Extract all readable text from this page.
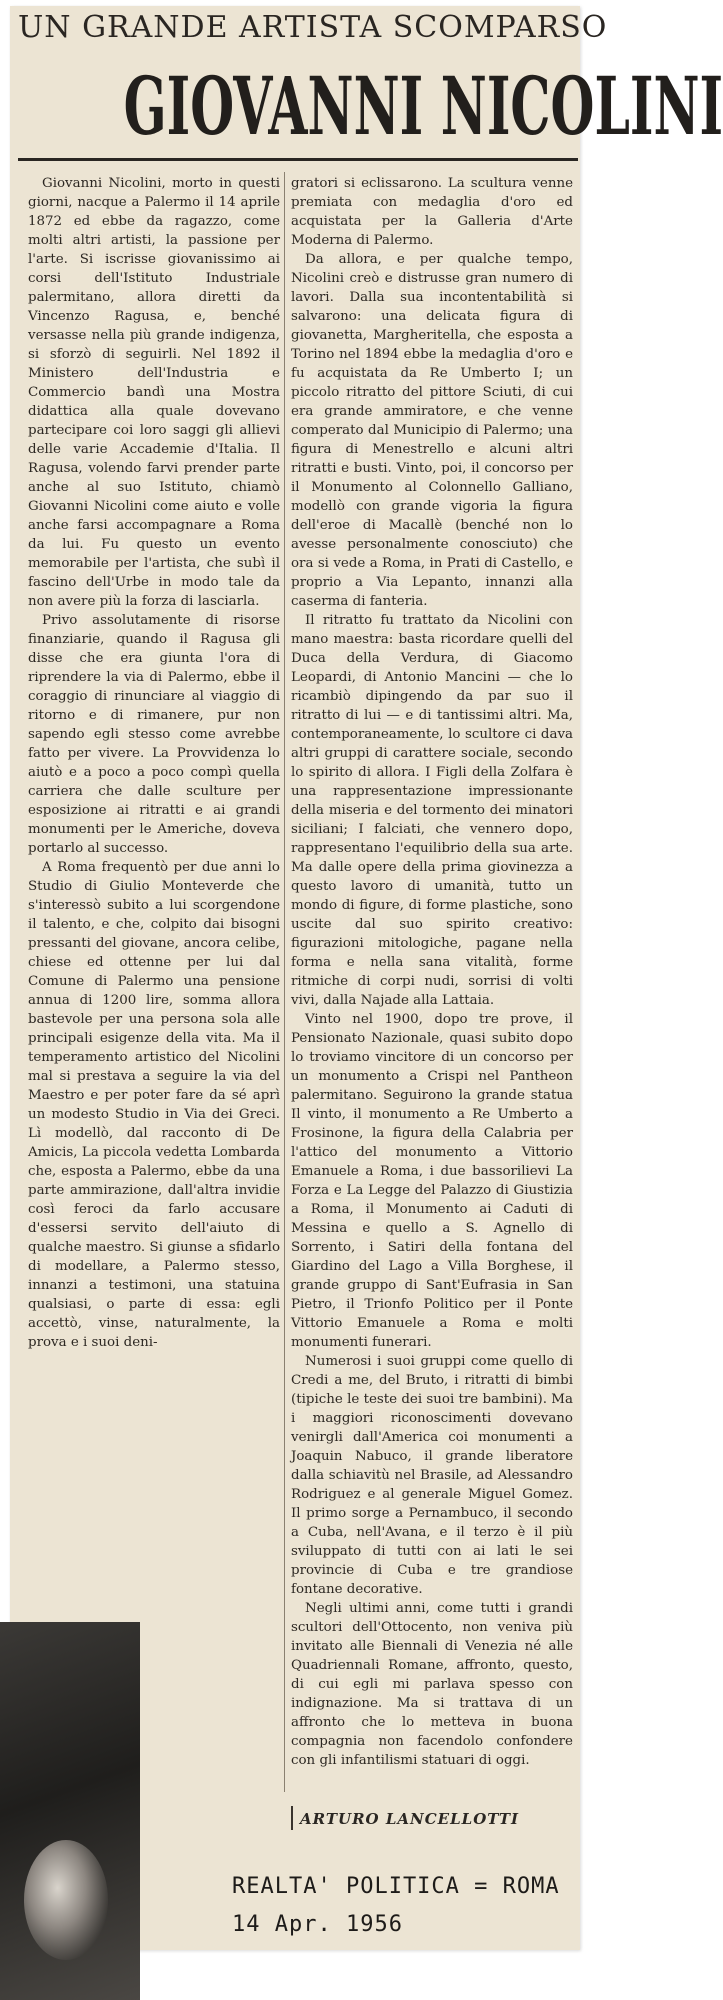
UN GRANDE ARTISTA SCOMPARSO
GIOVANNI NICOLINI

Giovanni Nicolini, morto in questi giorni, nacque a Palermo il 14 aprile 1872 ed ebbe da ragazzo, come molti altri artisti, la passione per l'arte. Si iscrisse giovanissimo ai corsi dell'Istituto Industriale palermitano, allora diretti da Vincenzo Ragusa, e, benché versasse nella più grande indigenza, si sforzò di seguirli. Nel 1892 il Ministero dell'Industria e Commercio bandì una Mostra didattica alla quale dovevano partecipare coi loro saggi gli allievi delle varie Accademie d'Italia. Il Ragusa, volendo farvi prender parte anche al suo Istituto, chiamò Giovanni Nicolini come aiuto e volle anche farsi accompagnare a Roma da lui. Fu questo un evento memorabile per l'artista, che subì il fascino dell'Urbe in modo tale da non avere più la forza di lasciarla.

Privo assolutamente di risorse finanziarie, quando il Ragusa gli disse che era giunta l'ora di riprendere la via di Palermo, ebbe il coraggio di rinunciare al viaggio di ritorno e di rimanere, pur non sapendo egli stesso come avrebbe fatto per vivere. La Provvidenza lo aiutò e a poco a poco compì quella carriera che dalle sculture per esposizione ai ritratti e ai grandi monumenti per le Americhe, doveva portarlo al successo.

A Roma frequentò per due anni lo Studio di Giulio Monteverde che s'interessò subito a lui scorgendone il talento, e che, colpito dai bisogni pressanti del giovane, ancora celibe, chiese ed ottenne per lui dal Comune di Palermo una pensione annua di 1200 lire, somma allora bastevole per una persona sola alle principali esigenze della vita. Ma il temperamento artistico del Nicolini mal si prestava a seguire la via del Maestro e per poter fare da sé aprì un modesto Studio in Via dei Greci. Lì modellò, dal racconto di De Amicis, La piccola vedetta Lombarda che, esposta a Palermo, ebbe da una parte ammirazione, dall'altra invidie così feroci da farlo accusare d'essersi servito dell'aiuto di qualche maestro. Si giunse a sfidarlo di modellare, a Palermo stesso, innanzi a testimoni, una statuina qualsiasi, o parte di essa: egli accettò, vinse, naturalmente, la prova e i suoi deni-

gratori si eclissarono. La scultura venne premiata con medaglia d'oro ed acquistata per la Galleria d'Arte Moderna di Palermo.

Da allora, e per qualche tempo, Nicolini creò e distrusse gran numero di lavori. Dalla sua incontentabilità si salvarono: una delicata figura di giovanetta, Margheritella, che esposta a Torino nel 1894 ebbe la medaglia d'oro e fu acquistata da Re Umberto I; un piccolo ritratto del pittore Sciuti, di cui era grande ammiratore, e che venne comperato dal Municipio di Palermo; una figura di Menestrello e alcuni altri ritratti e busti. Vinto, poi, il concorso per il Monumento al Colonnello Galliano, modellò con grande vigoria la figura dell'eroe di Macallè (benché non lo avesse personalmente conosciuto) che ora si vede a Roma, in Prati di Castello, e proprio a Via Lepanto, innanzi alla caserma di fanteria.

Il ritratto fu trattato da Nicolini con mano maestra: basta ricordare quelli del Duca della Verdura, di Giacomo Leopardi, di Antonio Mancini — che lo ricambiò dipingendo da par suo il ritratto di lui — e di tantissimi altri. Ma, contemporaneamente, lo scultore ci dava altri gruppi di carattere sociale, secondo lo spirito di allora. I Figli della Zolfara è una rappresentazione impressionante della miseria e del tormento dei minatori siciliani; I falciati, che vennero dopo, rappresentano l'equilibrio della sua arte. Ma dalle opere della prima giovinezza a questo lavoro di umanità, tutto un mondo di figure, di forme plastiche, sono uscite dal suo spirito creativo: figurazioni mitologiche, pagane nella forma e nella sana vitalità, forme ritmiche di corpi nudi, sorrisi di volti vivi, dalla Najade alla Lattaia.

Vinto nel 1900, dopo tre prove, il Pensionato Nazionale, quasi subito dopo lo troviamo vincitore di un concorso per un monumento a Crispi nel Pantheon palermitano. Seguirono la grande statua Il vinto, il monumento a Re Umberto a Frosinone, la figura della Calabria per l'attico del monumento a Vittorio Emanuele a Roma, i due bassorilievi La Forza e La Legge del Palazzo di Giustizia a Roma, il Monumento ai Caduti di Messina e quello a S. Agnello di Sorrento, i Satiri della fontana del Giardino del Lago a Villa Borghese, il grande gruppo di Sant'Eufrasia in San Pietro, il Trionfo Politico per il Ponte Vittorio Emanuele a Roma e molti monumenti funerari.

Numerosi i suoi gruppi come quello di Credi a me, del Bruto, i ritratti di bimbi (tipiche le teste dei suoi tre bambini). Ma i maggiori riconoscimenti dovevano venirgli dall'America coi monumenti a Joaquin Nabuco, il grande liberatore dalla schiavitù nel Brasile, ad Alessandro Rodriguez e al generale Miguel Gomez. Il primo sorge a Pernambuco, il secondo a Cuba, nell'Avana, e il terzo è il più sviluppato di tutti con ai lati le sei provincie di Cuba e tre grandiose fontane decorative.

Negli ultimi anni, come tutti i grandi scultori dell'Ottocento, non veniva più invitato alle Biennali di Venezia né alle Quadriennali Romane, affronto, questo, di cui egli mi parlava spesso con indignazione. Ma si trattava di un affronto che lo metteva in buona compagnia non facendolo confondere con gli infantilismi statuari di oggi.

ARTURO LANCELLOTTI
REALTA' POLITICA = ROMA
14 Apr. 1956
